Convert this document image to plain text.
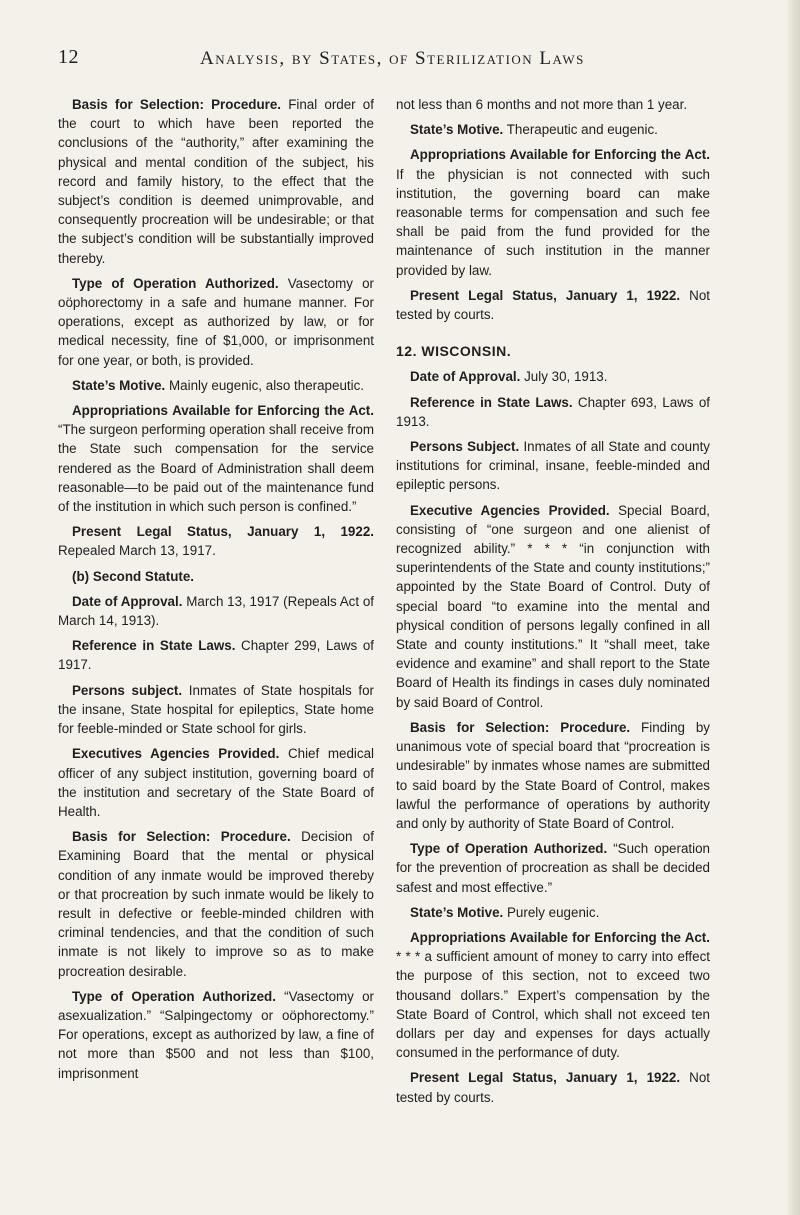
12	Analysis, by States, of Sterilization Laws

Basis for Selection: Procedure. Final order of the court to which have been reported the conclusions of the “authority,” after examining the physical and mental condition of the subject, his record and family history, to the effect that the subject’s condition is deemed unimprovable, and consequently procreation will be undesirable; or that the subject’s condition will be substantially improved thereby.

Type of Operation Authorized. Vasectomy or oöphorectomy in a safe and humane manner. For operations, except as authorized by law, or for medical necessity, fine of $1,000, or imprisonment for one year, or both, is provided.

State’s Motive. Mainly eugenic, also therapeutic.

Appropriations Available for Enforcing the Act. “The surgeon performing operation shall receive from the State such compensation for the service rendered as the Board of Administration shall deem reasonable—to be paid out of the maintenance fund of the institution in which such person is confined.”

Present Legal Status, January 1, 1922. Repealed March 13, 1917.

(b) Second Statute.

Date of Approval. March 13, 1917 (Repeals Act of March 14, 1913).

Reference in State Laws. Chapter 299, Laws of 1917.

Persons subject. Inmates of State hospitals for the insane, State hospital for epileptics, State home for feeble-minded or State school for girls.

Executives Agencies Provided. Chief medical officer of any subject institution, governing board of the institution and secretary of the State Board of Health.

Basis for Selection: Procedure. Decision of Examining Board that the mental or physical condition of any inmate would be improved thereby or that procreation by such inmate would be likely to result in defective or feeble-minded children with criminal tendencies, and that the condition of such inmate is not likely to improve so as to make procreation desirable.

Type of Operation Authorized. “Vasectomy or asexualization.” “Salpingectomy or oöphorectomy.” For operations, except as authorized by law, a fine of not more than $500 and not less than $100, imprisonment

not less than 6 months and not more than 1 year.

State’s Motive. Therapeutic and eugenic.

Appropriations Available for Enforcing the Act. If the physician is not connected with such institution, the governing board can make reasonable terms for compensation and such fee shall be paid from the fund provided for the maintenance of such institution in the manner provided by law.

Present Legal Status, January 1, 1922. Not tested by courts.

12. WISCONSIN.

Date of Approval. July 30, 1913.

Reference in State Laws. Chapter 693, Laws of 1913.

Persons Subject. Inmates of all State and county institutions for criminal, insane, feeble-minded and epileptic persons.

Executive Agencies Provided. Special Board, consisting of “one surgeon and one alienist of recognized ability.” * * * “in conjunction with superintendents of the State and county institutions;” appointed by the State Board of Control. Duty of special board “to examine into the mental and physical condition of persons legally confined in all State and county institutions.” It “shall meet, take evidence and examine” and shall report to the State Board of Health its findings in cases duly nominated by said Board of Control.

Basis for Selection: Procedure. Finding by unanimous vote of special board that “procreation is undesirable” by inmates whose names are submitted to said board by the State Board of Control, makes lawful the performance of operations by authority and only by authority of State Board of Control.

Type of Operation Authorized. “Such operation for the prevention of procreation as shall be decided safest and most effective.”

State’s Motive. Purely eugenic.

Appropriations Available for Enforcing the Act. * * * a sufficient amount of money to carry into effect the purpose of this section, not to exceed two thousand dollars.” Expert’s compensation by the State Board of Control, which shall not exceed ten dollars per day and expenses for days actually consumed in the performance of duty.

Present Legal Status, January 1, 1922. Not tested by courts.
